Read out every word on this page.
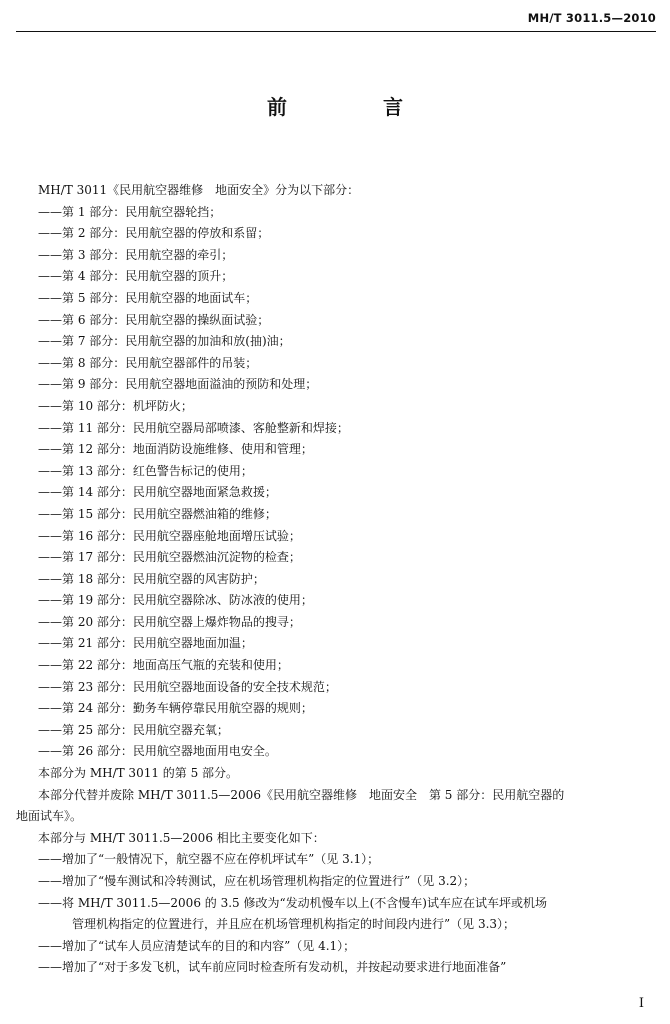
MH/T 3011.5—2010
前　言

MH/T 3011《民用航空器维修　地面安全》分为以下部分：

——第 1 部分：民用航空器轮挡；

——第 2 部分：民用航空器的停放和系留；

——第 3 部分：民用航空器的牵引；

——第 4 部分：民用航空器的顶升；

——第 5 部分：民用航空器的地面试车；

——第 6 部分：民用航空器的操纵面试验；

——第 7 部分：民用航空器的加油和放(抽)油；

——第 8 部分：民用航空器部件的吊装；

——第 9 部分：民用航空器地面溢油的预防和处理；

——第 10 部分：机坪防火；

——第 11 部分：民用航空器局部喷漆、客舱整新和焊接；

——第 12 部分：地面消防设施维修、使用和管理；

——第 13 部分：红色警告标记的使用；

——第 14 部分：民用航空器地面紧急救援；

——第 15 部分：民用航空器燃油箱的维修；

——第 16 部分：民用航空器座舱地面增压试验；

——第 17 部分：民用航空器燃油沉淀物的检查；

——第 18 部分：民用航空器的风害防护；

——第 19 部分：民用航空器除冰、防冰液的使用；

——第 20 部分：民用航空器上爆炸物品的搜寻；

——第 21 部分：民用航空器地面加温；

——第 22 部分：地面高压气瓶的充装和使用；

——第 23 部分：民用航空器地面设备的安全技术规范；

——第 24 部分：勤务车辆停靠民用航空器的规则；

——第 25 部分：民用航空器充氧；

——第 26 部分：民用航空器地面用电安全。

本部分为 MH/T 3011 的第 5 部分。

本部分代替并废除 MH/T 3011.5—2006《民用航空器维修　地面安全　第 5 部分：民用航空器的

地面试车》。

本部分与 MH/T 3011.5—2006 相比主要变化如下：

——增加了“一般情况下，航空器不应在停机坪试车”（见 3.1）；

——增加了“慢车测试和冷转测试，应在机场管理机构指定的位置进行”（见 3.2）；

——将 MH/T 3011.5—2006 的 3.5 修改为“发动机慢车以上(不含慢车)试车应在试车坪或机场

管理机构指定的位置进行，并且应在机场管理机构指定的时间段内进行”（见 3.3）；

——增加了“试车人员应清楚试车的目的和内容”（见 4.1）；

——增加了“对于多发飞机，试车前应同时检查所有发动机，并按起动要求进行地面准备”

Ⅰ
